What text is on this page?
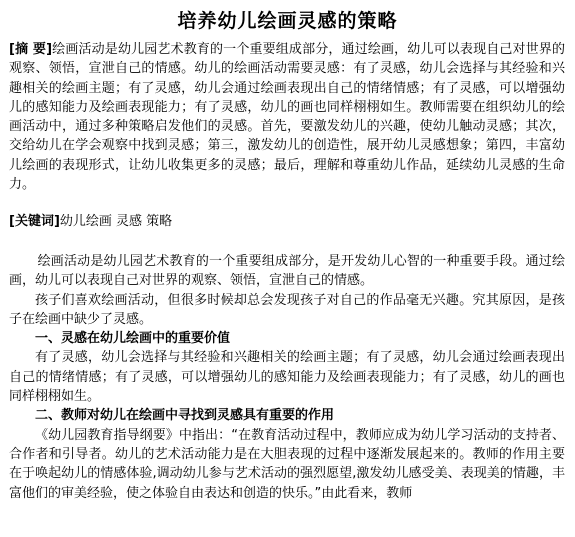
培养幼儿绘画灵感的策略
[摘 要]绘画活动是幼儿园艺术教育的一个重要组成部分，通过绘画，幼儿可以表现自己对世界的观察、领悟，宣泄自己的情感。幼儿的绘画活动需要灵感：有了灵感，幼儿会选择与其经验和兴趣相关的绘画主题；有了灵感，幼儿会通过绘画表现出自己的情绪情感；有了灵感，可以增强幼儿的感知能力及绘画表现能力；有了灵感，幼儿的画也同样栩栩如生。教师需要在组织幼儿的绘画活动中，通过多种策略启发他们的灵感。首先，要激发幼儿的兴趣，使幼儿触动灵感；其次，交给幼儿在学会观察中找到灵感；第三，激发幼儿的创造性，展开幼儿灵感想象；第四，丰富幼儿绘画的表现形式，让幼儿收集更多的灵感；最后，理解和尊重幼儿作品，延续幼儿灵感的生命力。
[关键词]幼儿绘画 灵感 策略

绘画活动是幼儿园艺术教育的一个重要组成部分，是开发幼儿心智的一种重要手段。通过绘画，幼儿可以表现自己对世界的观察、领悟，宣泄自己的情感。

孩子们喜欢绘画活动，但很多时候却总会发现孩子对自己的作品毫无兴趣。究其原因，是孩子在绘画中缺少了灵感。

一、灵感在幼儿绘画中的重要价值

有了灵感，幼儿会选择与其经验和兴趣相关的绘画主题；有了灵感，幼儿会通过绘画表现出自己的情绪情感；有了灵感，可以增强幼儿的感知能力及绘画表现能力；有了灵感，幼儿的画也同样栩栩如生。

二、教师对幼儿在绘画中寻找到灵感具有重要的作用

《幼儿园教育指导纲要》中指出：“在教育活动过程中，教师应成为幼儿学习活动的支持者、合作者和引导者。幼儿的艺术活动能力是在大胆表现的过程中逐渐发展起来的。教师的作用主要在于唤起幼儿的情感体验,调动幼儿参与艺术活动的强烈愿望,激发幼儿感受美、表现美的情趣，丰富他们的审美经验，使之体验自由表达和创造的快乐。”由此看来，教师
